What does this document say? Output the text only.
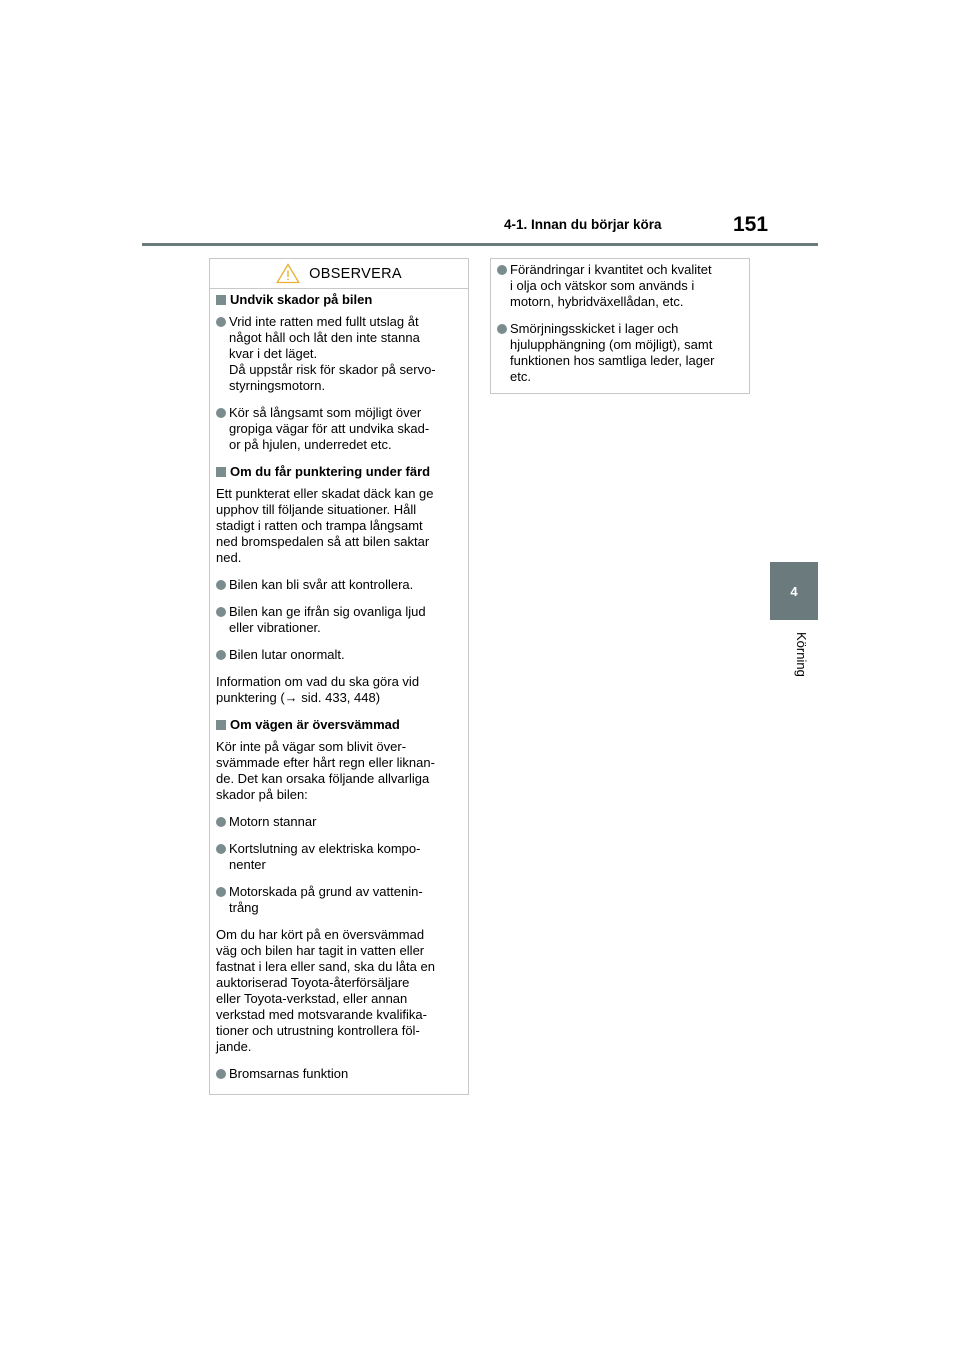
4-1. Innan du börjar köra	151
4
Körning
OBSERVERA
Undvik skador på bilen
Vrid inte ratten med fullt utslag åt
något håll och låt den inte stanna
kvar i det läget.
Då uppstår risk för skador på servo-
styrningsmotorn.
Kör så långsamt som möjligt över
gropiga vägar för att undvika skad-
or på hjulen, underredet etc.
Om du får punktering under färd
Ett punkterat eller skadat däck kan ge
upphov till följande situationer. Håll
stadigt i ratten och trampa långsamt
ned bromspedalen så att bilen saktar
ned.
Bilen kan bli svår att kontrollera.
Bilen kan ge ifrån sig ovanliga ljud
eller vibrationer.
Bilen lutar onormalt.
Information om vad du ska göra vid
punktering (→ sid. 433, 448)
Om vägen är översvämmad
Kör inte på vägar som blivit över-
svämmade efter hårt regn eller liknan-
de. Det kan orsaka följande allvarliga
skador på bilen:
Motorn stannar
Kortslutning av elektriska kompo-
nenter
Motorskada på grund av vattenin-
trång
Om du har kört på en översvämmad
väg och bilen har tagit in vatten eller
fastnat i lera eller sand, ska du låta en
auktoriserad Toyota-återförsäljare
eller Toyota-verkstad, eller annan
verkstad med motsvarande kvalifika-
tioner och utrustning kontrollera föl-
jande.
Bromsarnas funktion
Förändringar i kvantitet och kvalitet
i olja och vätskor som används i
motorn, hybridväxellådan, etc.
Smörjningsskicket i lager och
hjulupphängning (om möjligt), samt
funktionen hos samtliga leder, lager
etc.
